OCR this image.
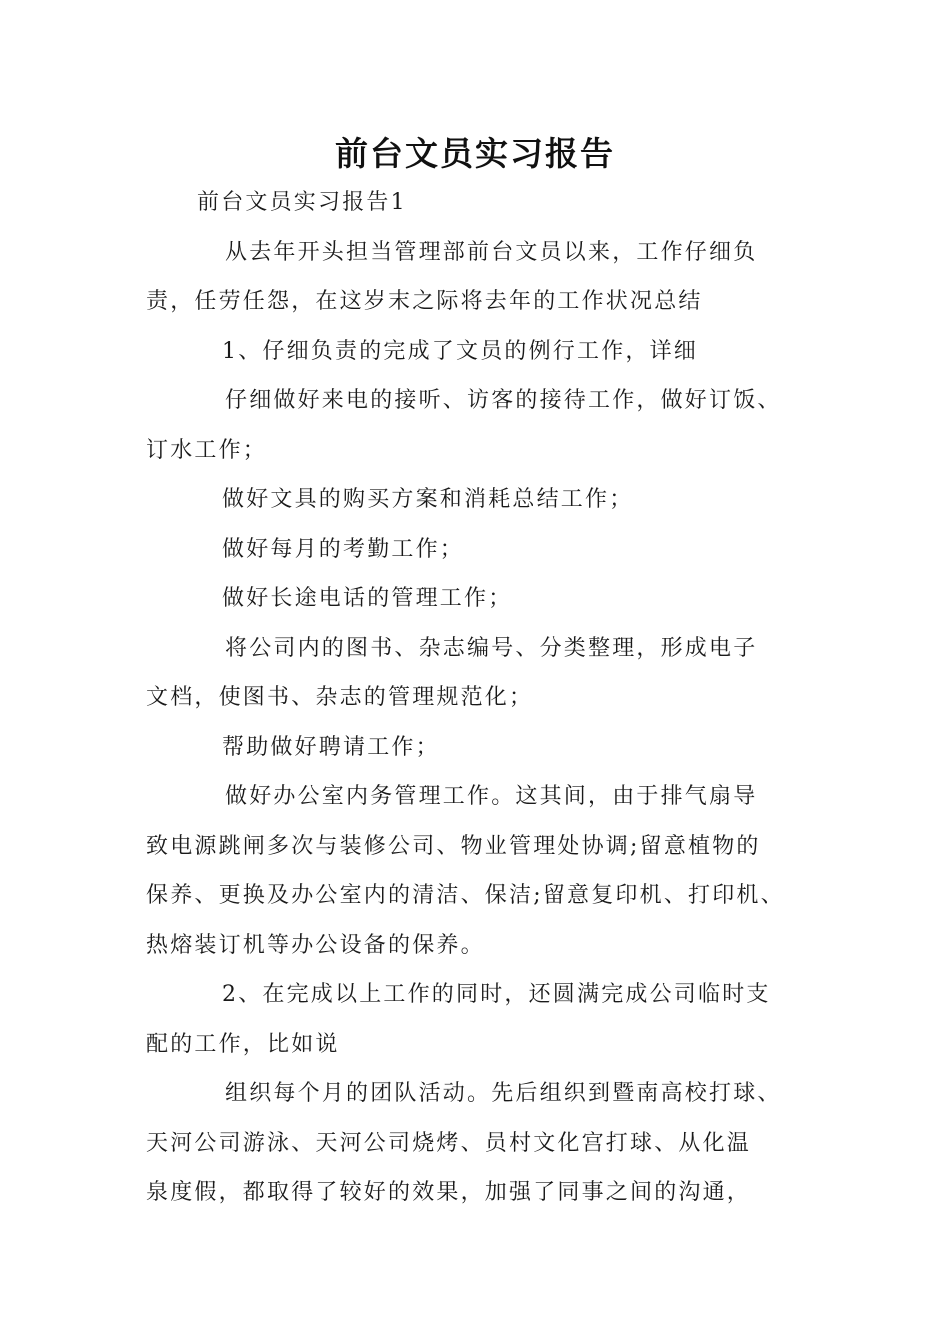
前台文员实习报告
前台文员实习报告1
从去年开头担当管理部前台文员以来，工作仔细负
责，任劳任怨，在这岁末之际将去年的工作状况总结
1、仔细负责的完成了文员的例行工作，详细
仔细做好来电的接听、访客的接待工作，做好订饭、
订水工作；
做好文具的购买方案和消耗总结工作；
做好每月的考勤工作；
做好长途电话的管理工作；
将公司内的图书、杂志编号、分类整理，形成电子
文档，使图书、杂志的管理规范化；
帮助做好聘请工作；
做好办公室内务管理工作。这其间，由于排气扇导
致电源跳闸多次与装修公司、物业管理处协调;留意植物的
保养、更换及办公室内的清洁、保洁;留意复印机、打印机、
热熔装订机等办公设备的保养。
2、在完成以上工作的同时，还圆满完成公司临时支
配的工作，比如说
组织每个月的团队活动。先后组织到暨南高校打球、
天河公司游泳、天河公司烧烤、员村文化宫打球、从化温
泉度假，都取得了较好的效果，加强了同事之间的沟通，
